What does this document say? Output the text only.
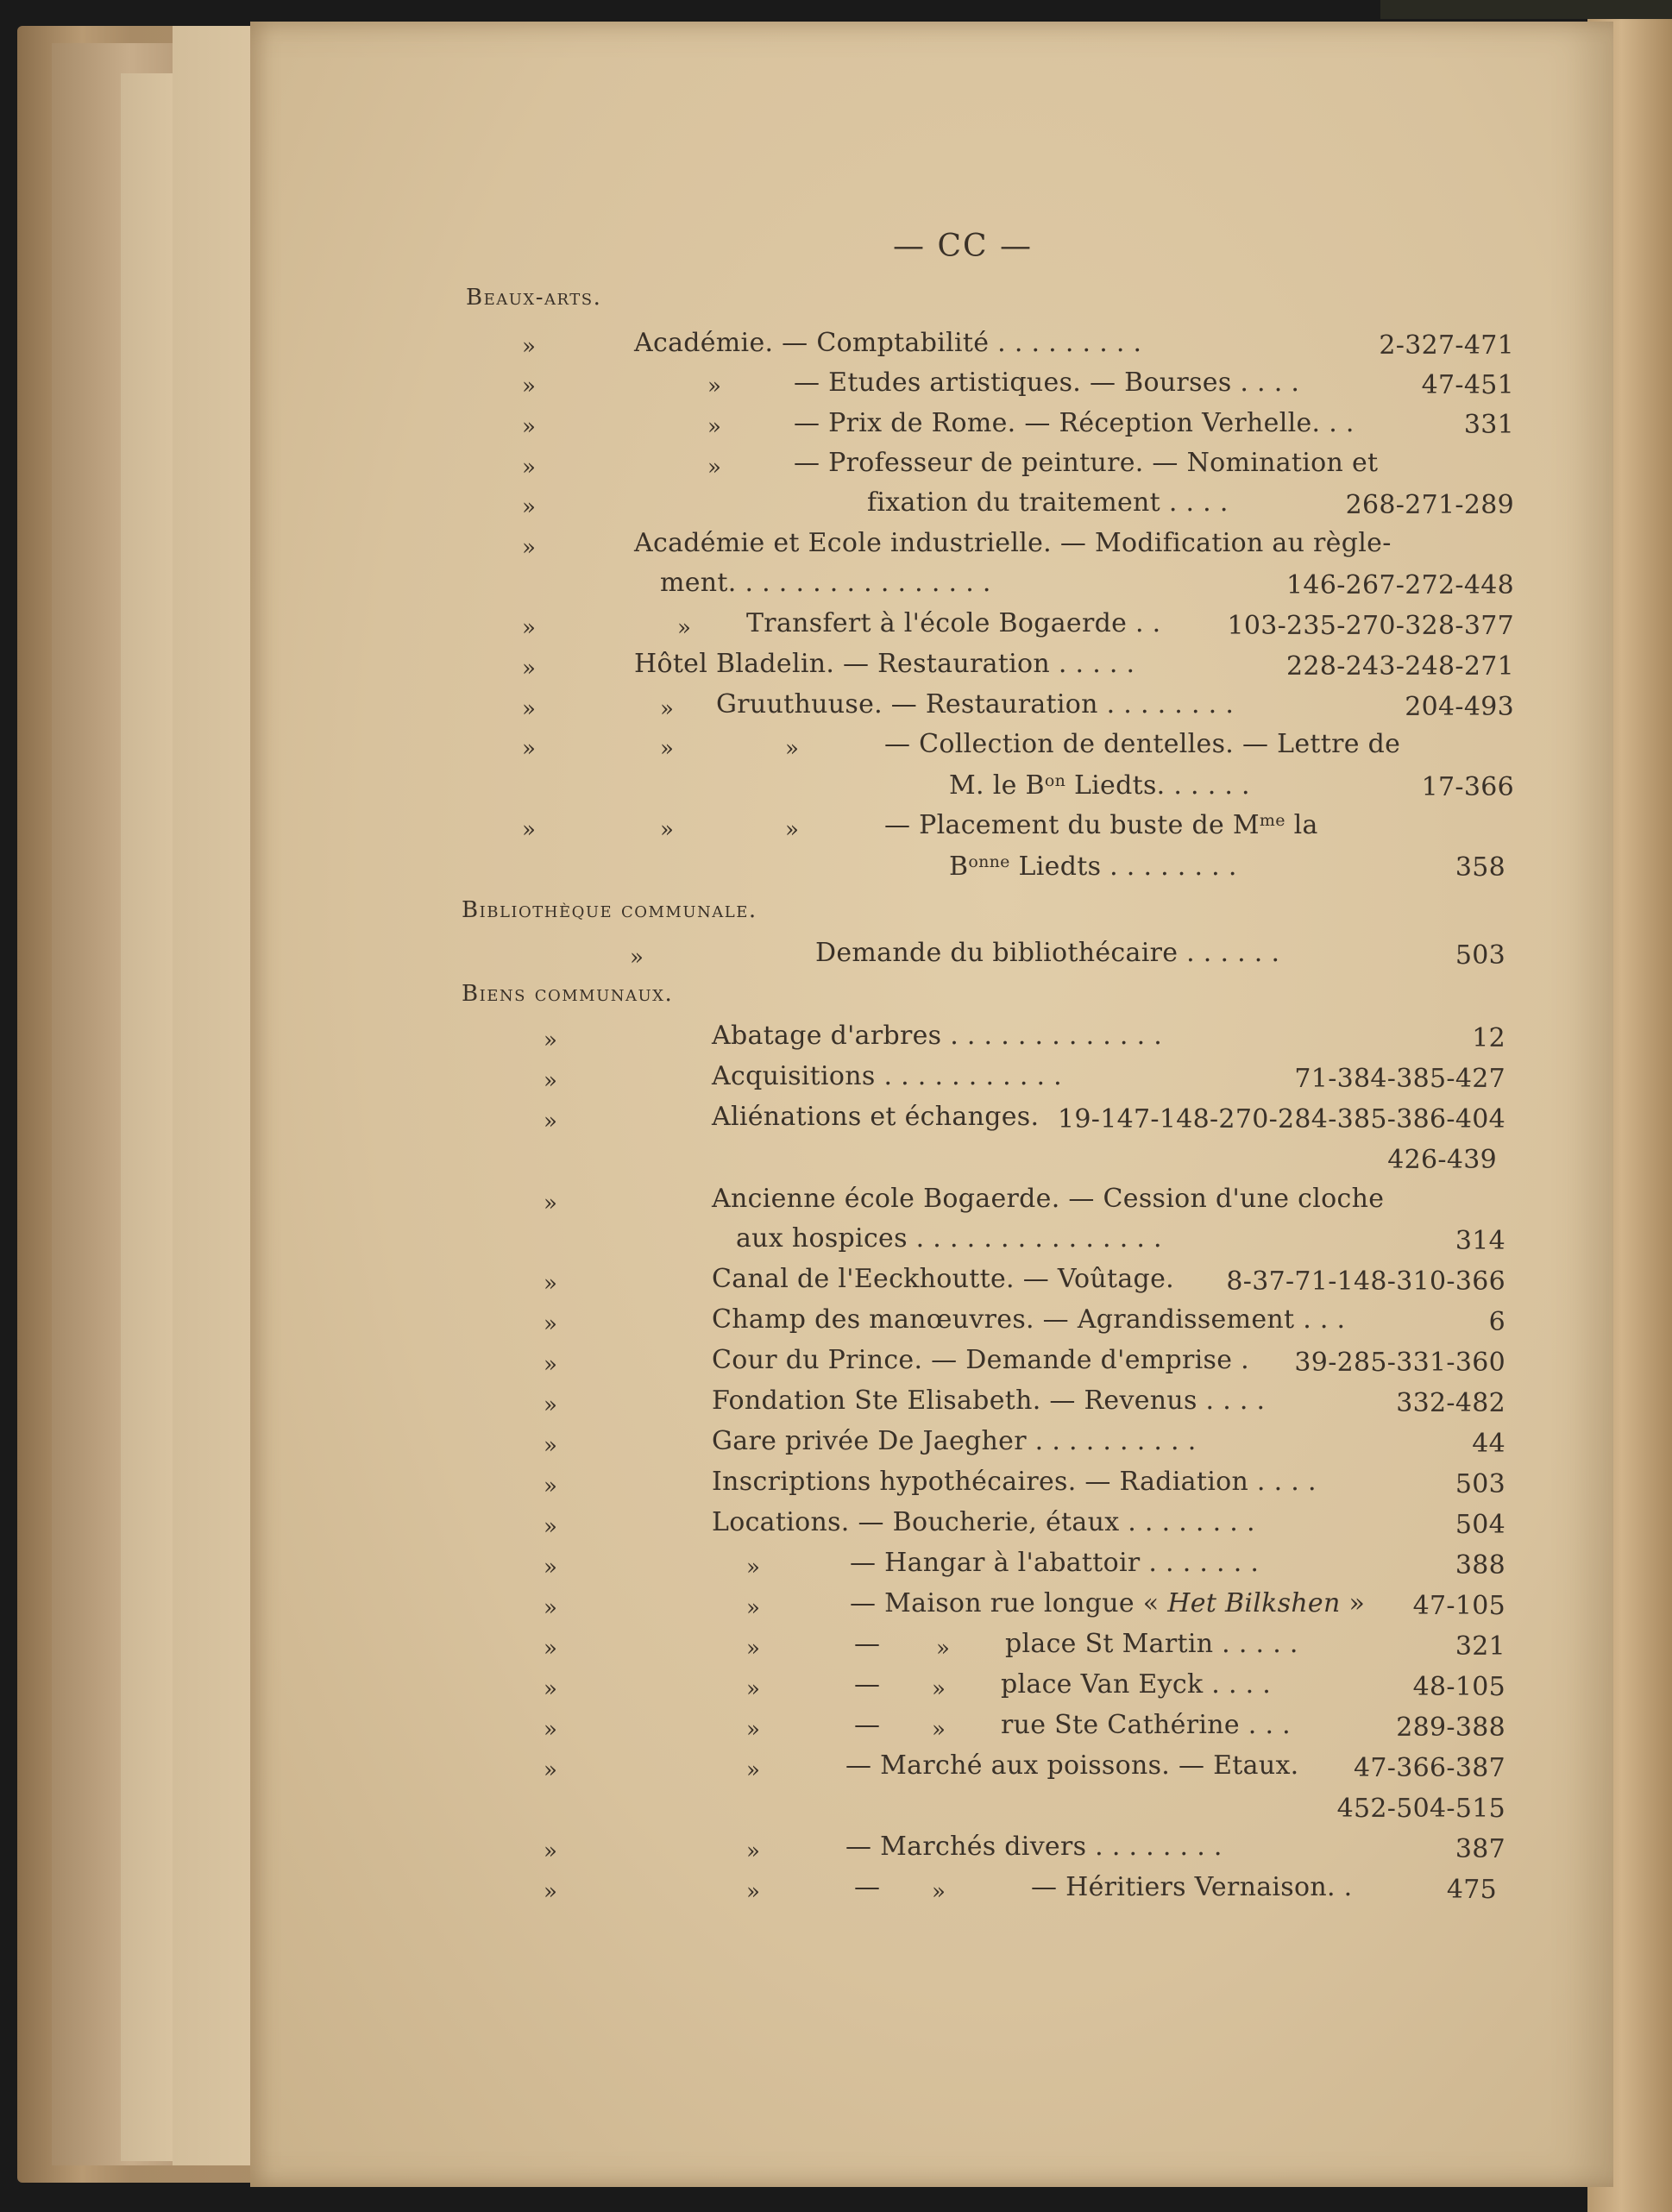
— CC —
Beaux-arts.
»	Académie. — Comptabilité . . . . . . . . .	2-327-471
»	»	— Etudes artistiques. — Bourses . . . .	47-451
»	»	— Prix de Rome. — Réception Verhelle. . .	331
»	»	— Professeur de peinture. — Nomination et
»	fixation du traitement . . . .	268-271-289
»	Académie et Ecole industrielle. — Modification au règle-
ment. . . . . . . . . . . . . . . .	146-267-272-448
»	» Transfert à l'école Bogaerde . .	103-235-270-328-377
»	Hôtel Bladelin. — Restauration . . . . .	228-243-248-271
»	» Gruuthuuse. — Restauration . . . . . . . .	204-493
»	»	»	— Collection de dentelles. — Lettre de
M. le $B^{on}$ Liedts. . . . . .	17-366
»	»	»	— Placement du buste de $M^{me}$ la
$B^{onne}$ Liedts . . . . . . . .	358
Bibliothèque communale.
»	Demande du bibliothécaire . . . . . .	503
Biens communaux.
»	Abatage d'arbres . . . . . . . . . . . . .	12
»	Acquisitions . . . . . . . . . . .	71-384-385-427
»	Aliénations et échanges. 19-147-148-270-284-385-386-404
426-439
»	Ancienne école Bogaerde. — Cession d'une cloche
aux hospices . . . . . . . . . . . . . . .	314
»	Canal de l'Eeckhoutte. — Voûtage. 8-37-71-148-310-366
»	Champ des manœuvres. — Agrandissement . . .	6
»	Cour du Prince. — Demande d'emprise . 39-285-331-360
»	Fondation Ste Elisabeth. — Revenus . . . .	332-482
»	Gare privée De Jaegher . . . . . . . . . .	44
»	Inscriptions hypothécaires. — Radiation . . . .	503
»	Locations. — Boucherie, étaux . . . . . . . .	504
»	»	— Hangar à l'abattoir . . . . . . .	388
»	»	— Maison rue longue « Het Bilkshen » 47-105
»	»	— » place St Martin . . . . .	321
»	»	— » place Van Eyck . . . .	48-105
»	»	— » rue Ste Cathérine . . .	289-388
»	»	— Marché aux poissons. — Etaux. 47-366-387
452-504-515
»	»	— Marchés divers . . . . . . . .	387
»	»	— »	— Héritiers Vernaison. .	475
